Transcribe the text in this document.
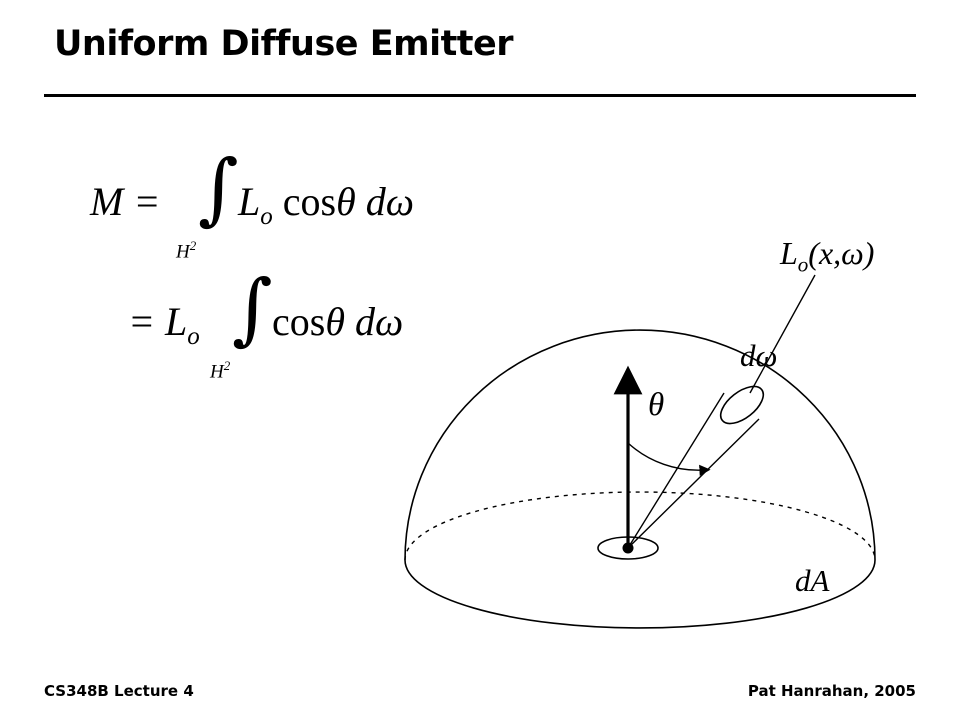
Uniform Diffuse Emitter
M = ∫
$H^2$
$L_o$ cosθ dω
= $L_o$ ∫
$H^2$
cosθ dω
$L_o(x,\omega)$
dω
θ
dA
CS348B Lecture 4	Pat Hanrahan, 2005
